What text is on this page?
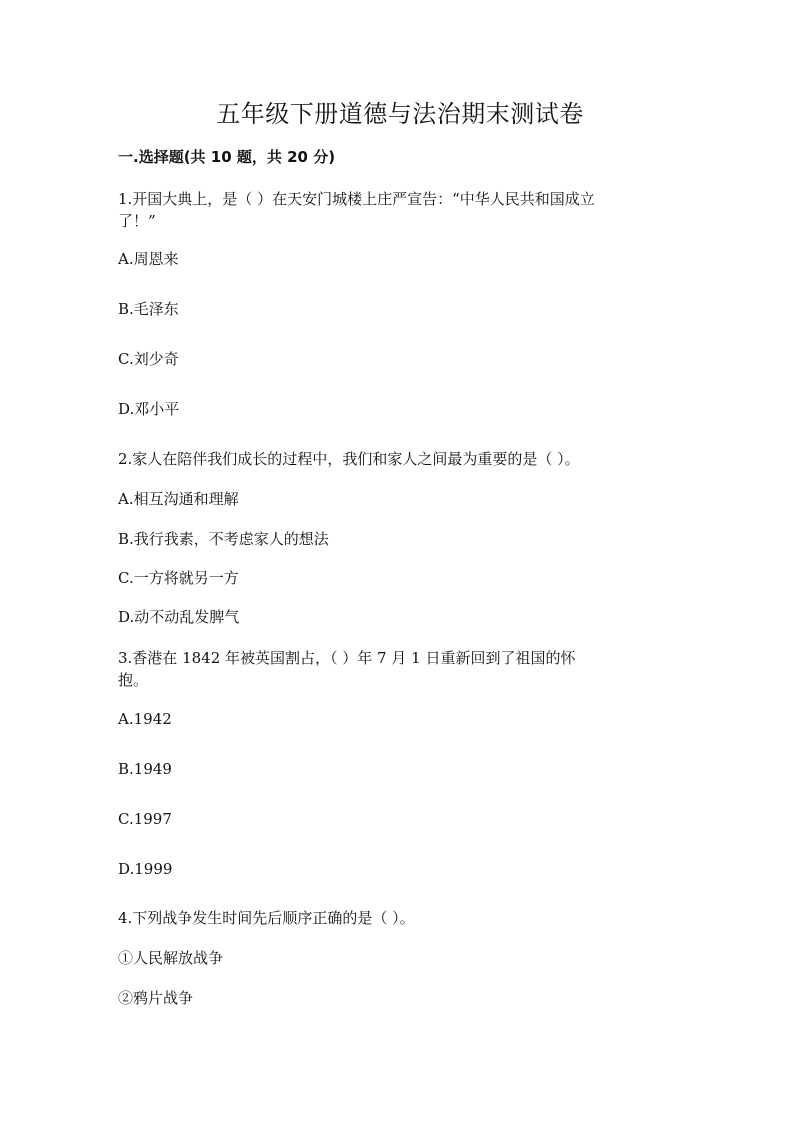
五年级下册道德与法治期末测试卷
一.选择题(共 10 题，共 20 分)
1.开国大典上，是（ ）在天安门城楼上庄严宣告：“中华人民共和国成立
了！”
A.周恩来
B.毛泽东
C.刘少奇
D.邓小平
2.家人在陪伴我们成长的过程中，我们和家人之间最为重要的是（ ）。
A.相互沟通和理解
B.我行我素，不考虑家人的想法
C.一方将就另一方
D.动不动乱发脾气
3.香港在 1842 年被英国割占，（ ）年 7 月 1 日重新回到了祖国的怀
抱。
A.1942
B.1949
C.1997
D.1999
4.下列战争发生时间先后顺序正确的是（ ）。
①人民解放战争
②鸦片战争
